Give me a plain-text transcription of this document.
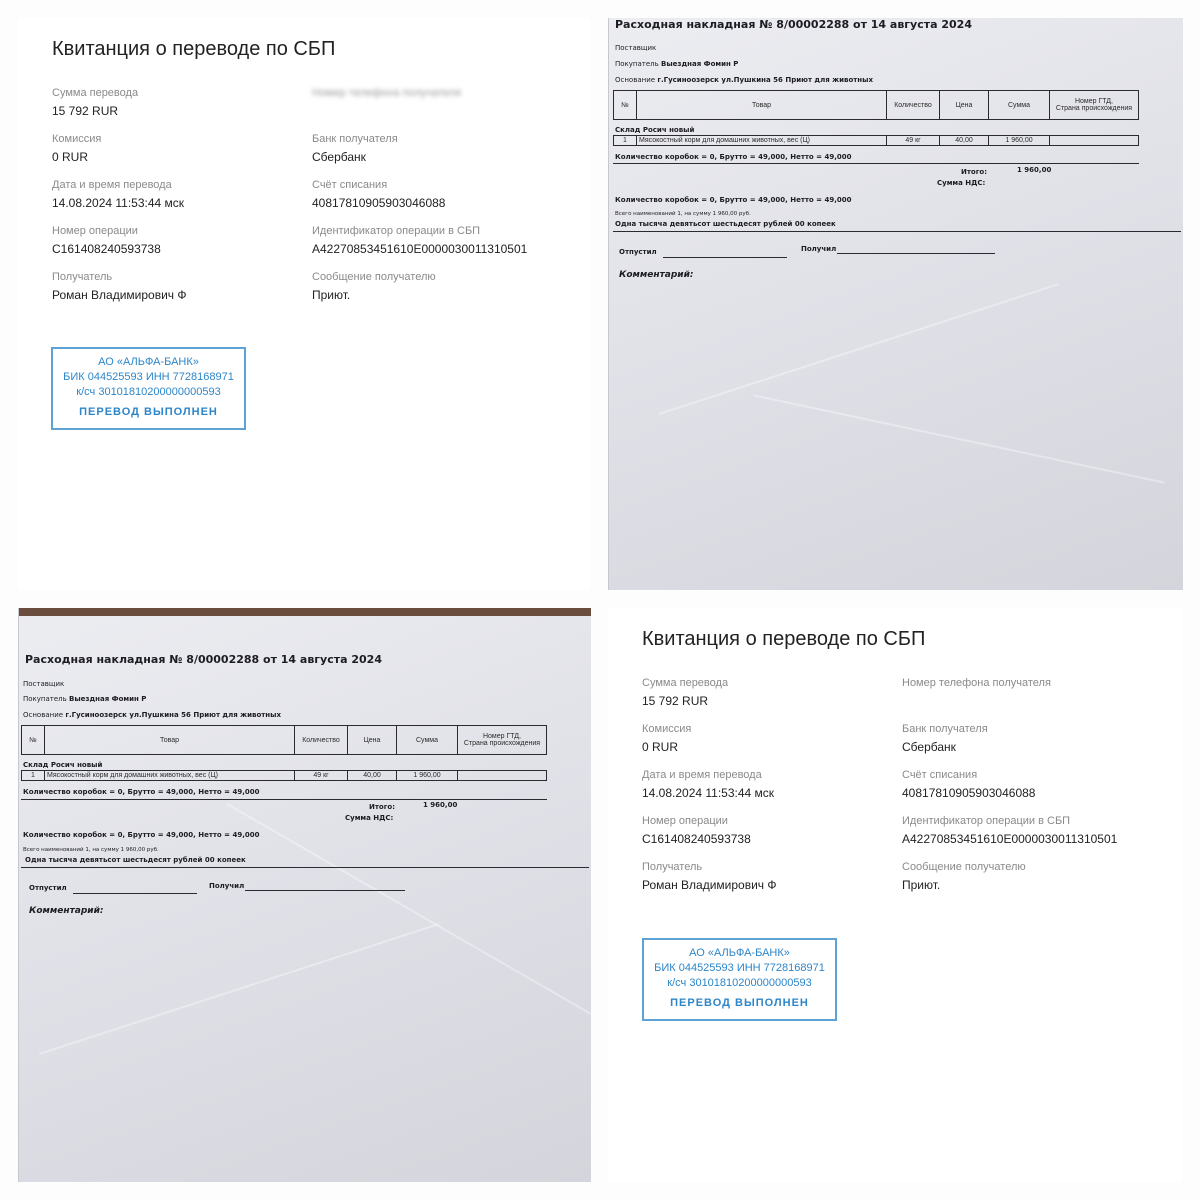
Квитанция о переводе по СБП
Сумма перевода
15 792 RUR
Номер телефона получателя
Комиссия
0 RUR
Банк получателя
Сбербанк
Дата и время перевода
14.08.2024 11:53:44 мск
Счёт списания
40817810905903046088
Номер операции
C161408240593738
Идентификатор операции в СБП
A42270853451610E0000030011310501
Получатель
Роман Владимирович Ф
Сообщение получателю
Приют.
АО «АЛЬФА-БАНК»
БИК 044525593 ИНН 7728168971
к/сч 30101810200000000593
ПЕРЕВОД ВЫПОЛНЕН
Расходная накладная № 8/00002288 от 14 августа 2024
Поставщик
Покупатель Выездная Фомин Р
Основание г.Гусиноозерск ул.Пушкина 56 Приют для животных
№	Товар	Количество	Цена	Сумма	Номер ГТД,
Страна происхождения
Склад Росич новый
1	Мясокостный корм для домашних животных, вес (Ц)	49 кг	40,00	1 960,00	
Количество коробок = 0, Брутто = 49,000, Нетто = 49,000
Итого:	1 960,00
Сумма НДС:
Количество коробок = 0, Брутто = 49,000, Нетто = 49,000
Всего наименований 1, на сумму 1 960,00 руб.
Одна тысяча девятьсот шестьдесят рублей 00 копеек
Отпустил	Получил
Комментарий:
Расходная накладная № 8/00002288 от 14 августа 2024
Поставщик
Покупатель Выездная Фомин Р
Основание г.Гусиноозерск ул.Пушкина 56 Приют для животных
№	Товар	Количество	Цена	Сумма	Номер ГТД,
Страна происхождения
Склад Росич новый
1	Мясокостный корм для домашних животных, вес (Ц)	49 кг	40,00	1 960,00	
Количество коробок = 0, Брутто = 49,000, Нетто = 49,000
Итого:	1 960,00
Сумма НДС:
Количество коробок = 0, Брутто = 49,000, Нетто = 49,000
Всего наименований 1, на сумму 1 960,00 руб.
Одна тысяча девятьсот шестьдесят рублей 00 копеек
Отпустил	Получил
Комментарий:
Квитанция о переводе по СБП
Сумма перевода
15 792 RUR
Номер телефона получателя
Комиссия
0 RUR
Банк получателя
Сбербанк
Дата и время перевода
14.08.2024 11:53:44 мск
Счёт списания
40817810905903046088
Номер операции
C161408240593738
Идентификатор операции в СБП
A42270853451610E0000030011310501
Получатель
Роман Владимирович Ф
Сообщение получателю
Приют.
АО «АЛЬФА-БАНК»
БИК 044525593 ИНН 7728168971
к/сч 30101810200000000593
ПЕРЕВОД ВЫПОЛНЕН
